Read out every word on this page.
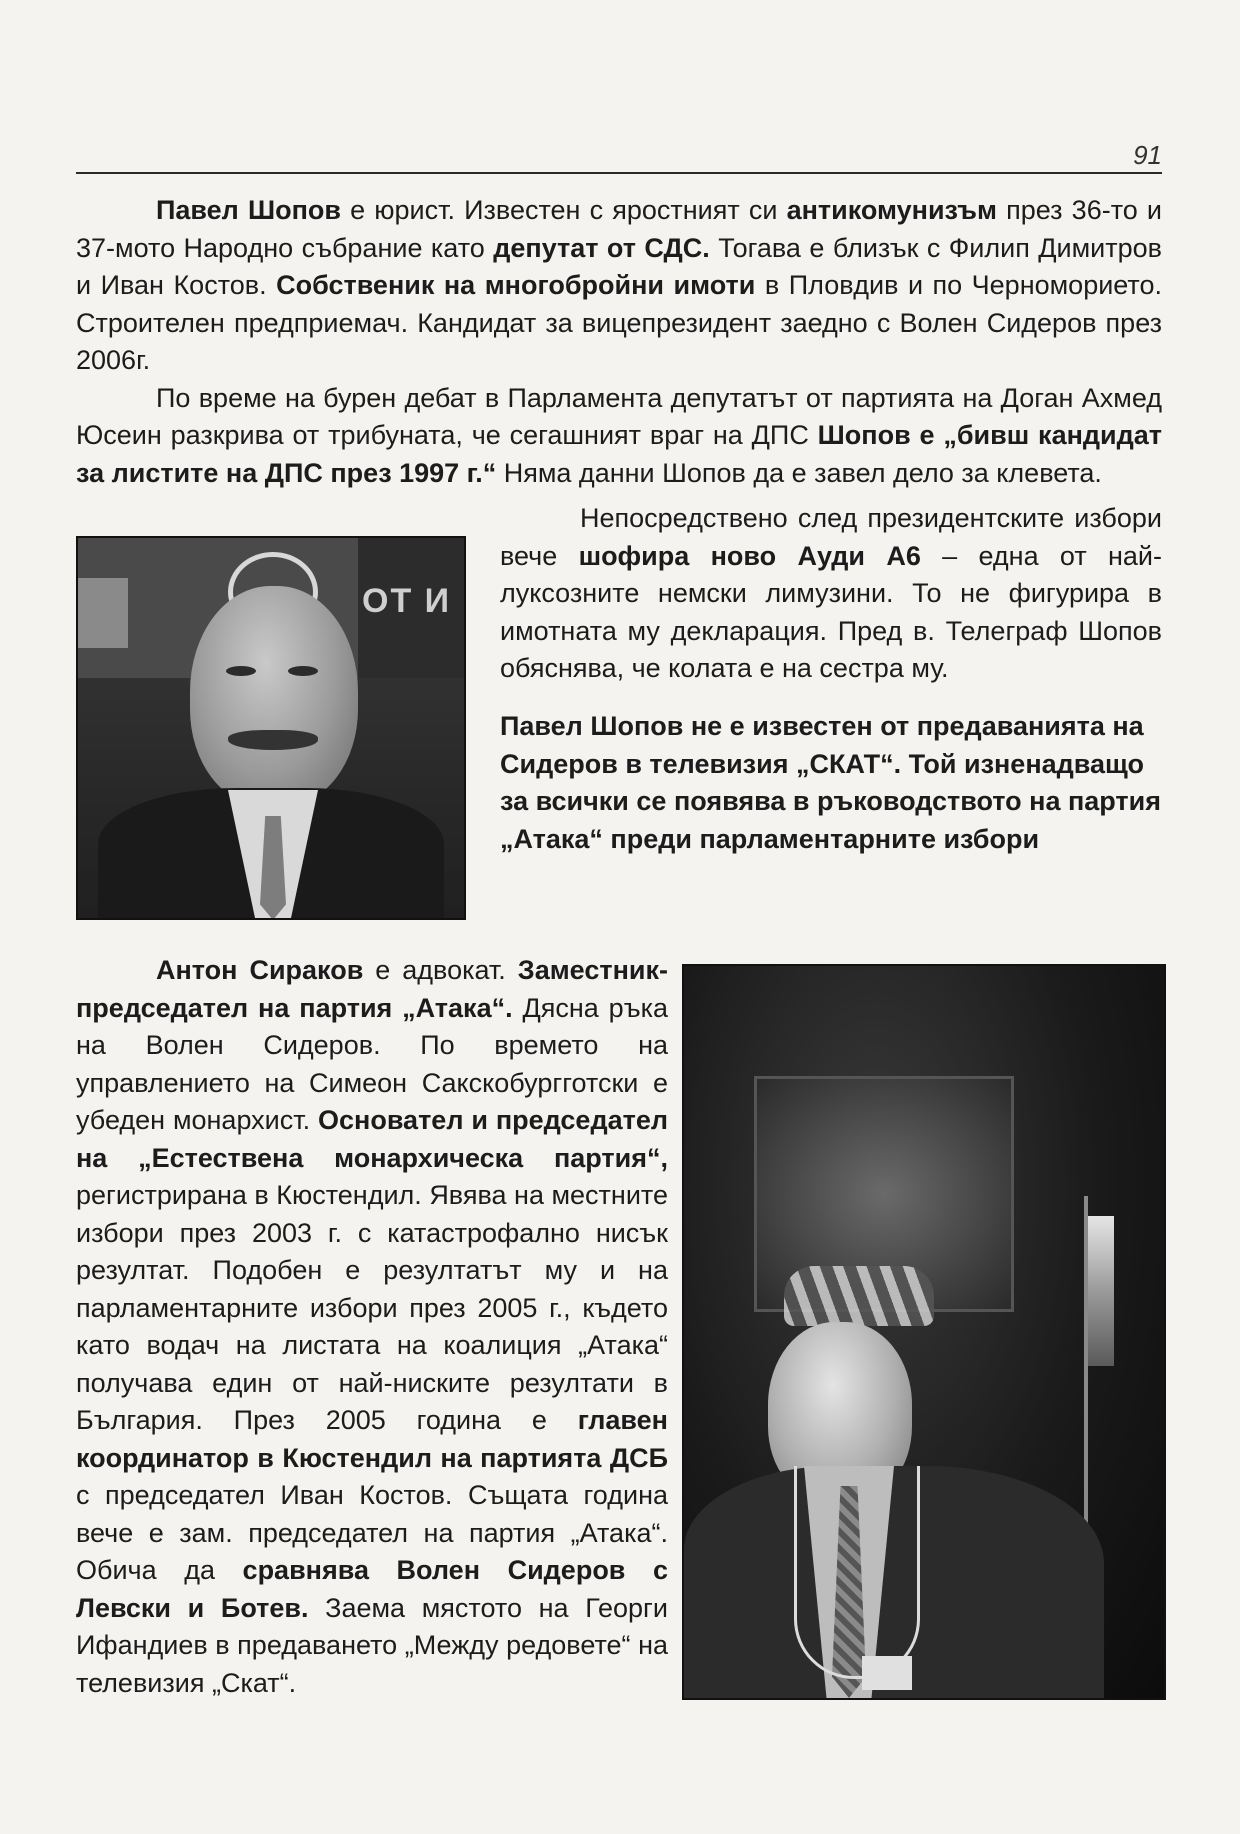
91

Павел Шопов е юрист. Известен с яростният си антикомунизъм през 36-то и 37-мото Народно събрание като депутат от СДС. Тогава е близък с Филип Димитров и Иван Костов. Собственик на многобройни имоти в Пловдив и по Черноморието. Строителен предприемач. Кандидат за вицепрезидент заедно с Волен Сидеров през 2006г.

По време на бурен дебат в Парламента депутатът от партията на Доган Ахмед Юсеин разкрива от трибуната, че сегашният враг на ДПС Шопов е „бивш кандидат за листите на ДПС през 1997 г.“ Няма данни Шопов да е завел дело за клевета.

Непосредствено след президентските избори вече шофира ново Ауди А6 – една от най-луксозните немски лимузини. То не фигурира в имотната му декларация. Пред в. Телеграф Шопов обяснява, че колата е на сестра му.

Павел Шопов не е известен от предаванията на Сидеров в телевизия „СКАТ“. Той изненадващо за всички се появява в ръководството на партия „Атака“ преди парламентарните избори

ОТ И

Антон Сираков е адвокат. Заместник-председател на партия „Атака“. Дясна ръка на Волен Сидеров. По времето на управлението на Симеон Сакскобургготски е убеден монархист. Основател и председател на „Естествена монархическа партия“, регистрирана в Кюстендил. Явява на местните избори през 2003 г. с катастрофално нисък резултат. Подобен е резултатът му и на парламентарните избори през 2005 г., където като водач на листата на коалиция „Атака“ получава един от най-ниските резултати в България. През 2005 година е главен координатор в Кюстендил на партията ДСБ с председател Иван Костов. Същата година вече е зам. председател на партия „Атака“. Обича да сравнява Волен Сидеров с Левски и Ботев. Заема мястото на Георги Ифандиев в предаването „Между редовете“ на телевизия „Скат“.
